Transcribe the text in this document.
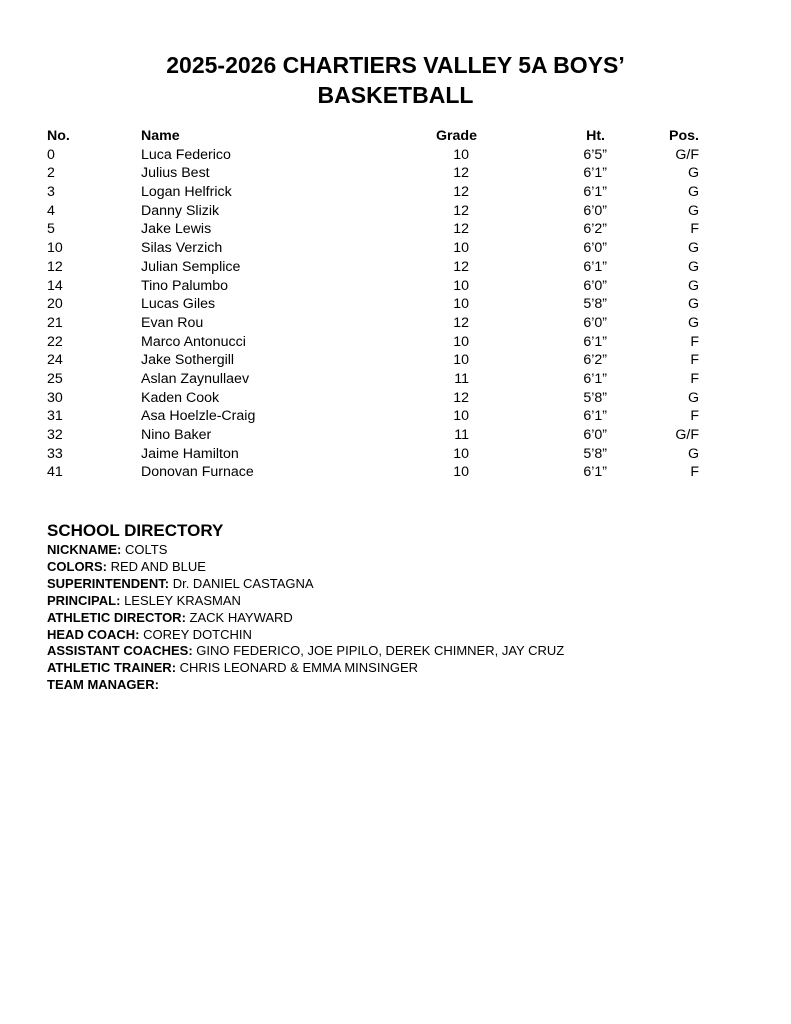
2025-2026 CHARTIERS VALLEY 5A BOYS’
BASKETBALL
No.	Name	Grade	Ht.	Pos.
0	Luca Federico	10	6’5”	G/F
2	Julius Best	12	6’1”	G
3	Logan Helfrick	12	6’1”	G
4	Danny Slizik	12	6’0”	G
5	Jake Lewis	12	6’2”	F
10	Silas Verzich	10	6’0”	G
12	Julian Semplice	12	6’1”	G
14	Tino Palumbo	10	6’0”	G
20	Lucas Giles	10	5’8”	G
21	Evan Rou	12	6’0”	G
22	Marco Antonucci	10	6’1”	F
24	Jake Sothergill	10	6’2”	F
25	Aslan Zaynullaev	11	6’1”	F
30	Kaden Cook	12	5’8”	G
31	Asa Hoelzle-Craig	10	6’1”	F
32	Nino Baker	11	6’0”	G/F
33	Jaime Hamilton	10	5’8”	G
41	Donovan Furnace	10	6’1”	F
SCHOOL DIRECTORY
NICKNAME: COLTS
COLORS: RED AND BLUE
SUPERINTENDENT: Dr. DANIEL CASTAGNA
PRINCIPAL: LESLEY KRASMAN
ATHLETIC DIRECTOR: ZACK HAYWARD
HEAD COACH: COREY DOTCHIN
ASSISTANT COACHES: GINO FEDERICO, JOE PIPILO, DEREK CHIMNER, JAY CRUZ
ATHLETIC TRAINER: CHRIS LEONARD & EMMA MINSINGER
TEAM MANAGER:
